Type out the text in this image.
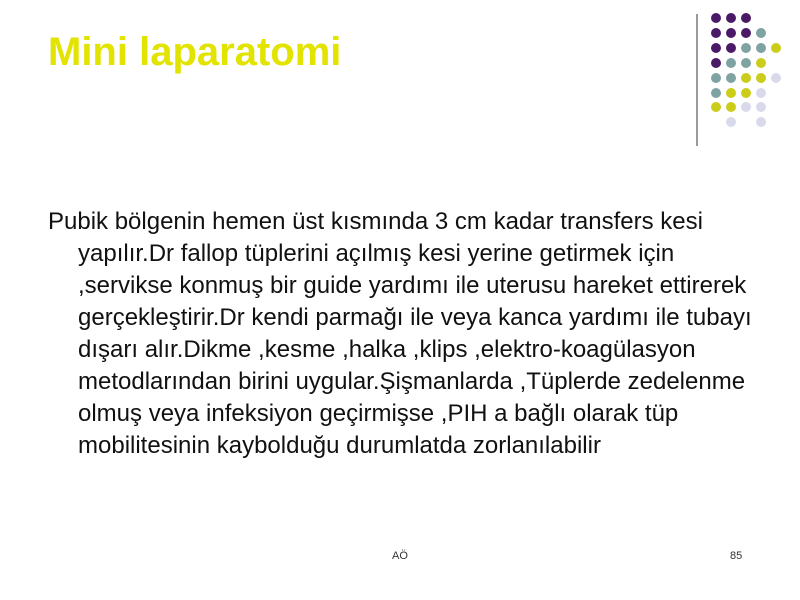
Mini laparatomi

Pubik bölgenin hemen üst kısmında 3 cm kadar transfers kesi yapılır.Dr fallop tüplerini açılmış kesi yerine getirmek için ,servikse konmuş bir guide yardımı ile uterusu hareket ettirerek gerçekleştirir.Dr kendi parmağı ile veya kanca yardımı ile tubayı dışarı alır.Dikme ,kesme ,halka ,klips ,elektro-koagülasyon metodlarından birini uygular.Şişmanlarda ,Tüplerde zedelenme olmuş veya infeksiyon geçirmişse ,PIH a bağlı olarak tüp mobilitesinin kaybolduğu durumlatda zorlanılabilir

AÖ	85
